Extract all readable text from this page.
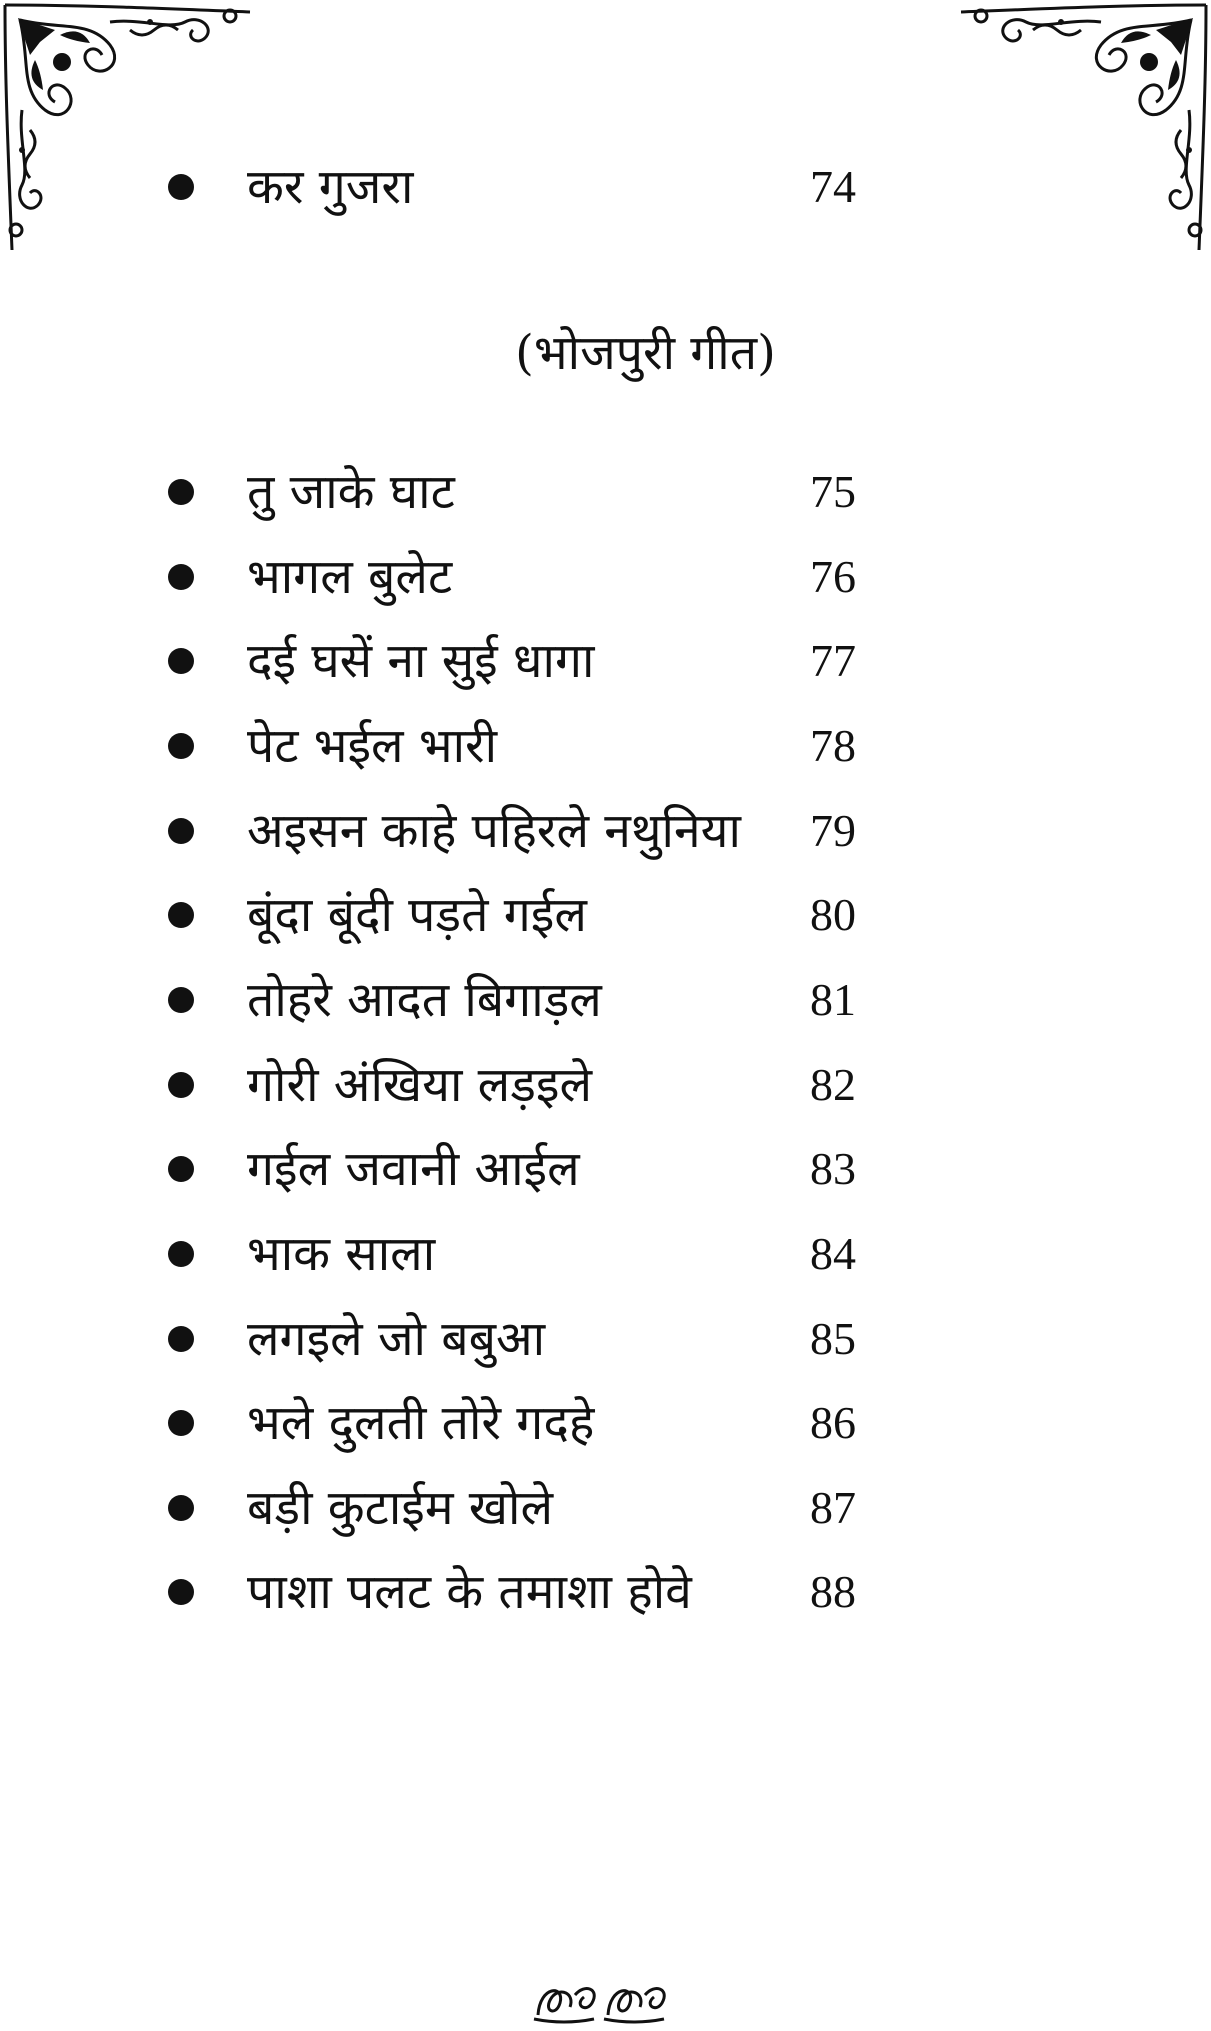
कर गुजरा	74
(भोजपुरी गीत)
तु जाके घाट	75
भागल बुलेट	76
दई घसें ना सुई धागा	77
पेट भईल भारी	78
अइसन काहे पहिरले नथुनिया	79
बूंदा बूंदी पड़ते गईल	80
तोहरे आदत बिगाड़ल	81
गोरी अंखिया लड़इले	82
गईल जवानी आईल	83
भाक साला	84
लगइले जो बबुआ	85
भले दुलती तोरे गदहे	86
बड़ी कुटाईम खोले	87
पाशा पलट के तमाशा होवे	88
